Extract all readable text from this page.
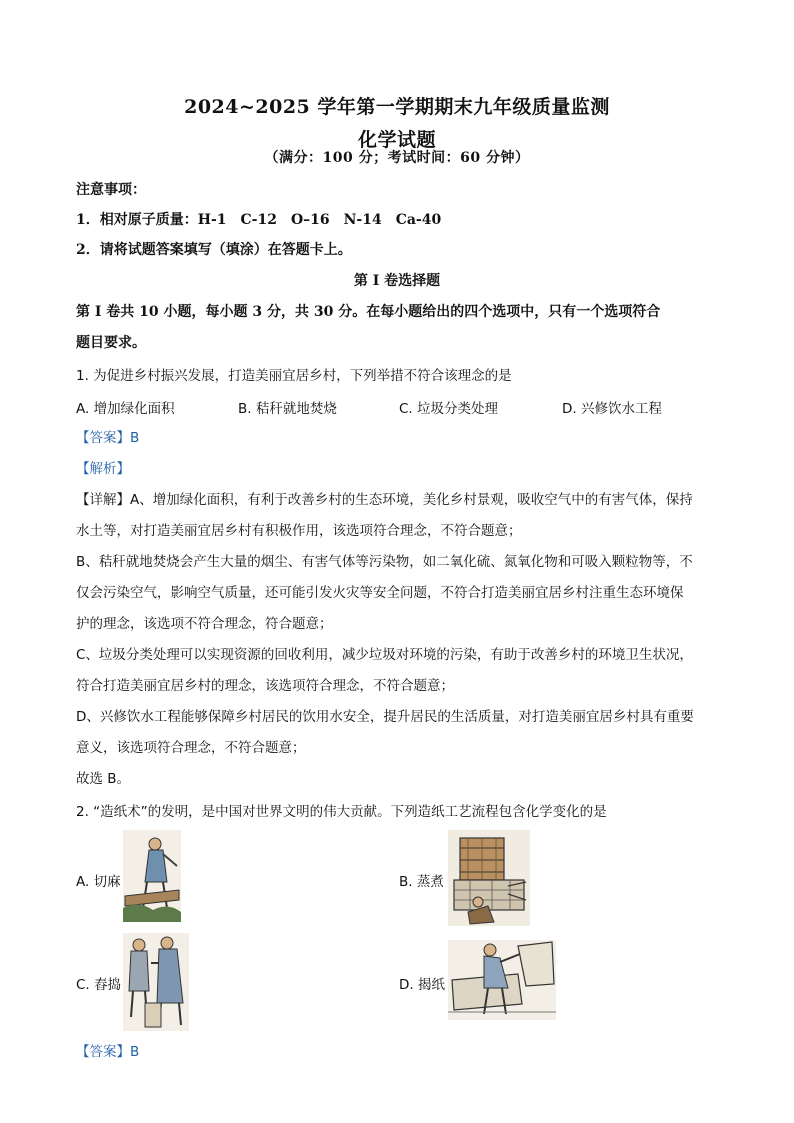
2024~2025 学年第一学期期末九年级质量监测
化学试题
（满分：100 分；考试时间：60 分钟）
注意事项：
1．相对原子质量：H-1　C-12　O–16　N-14　Ca-40
2．请将试题答案填写（填涂）在答题卡上。
第 I 卷选择题
第 I 卷共 10 小题，每小题 3 分，共 30 分。在每小题给出的四个选项中，只有一个选项符合
题目要求。
1. 为促进乡村振兴发展，打造美丽宜居乡村，下列举措不符合该理念的是
A. 增加绿化面积	B. 秸秆就地焚烧	C. 垃圾分类处理	D. 兴修饮水工程
【答案】B
【解析】
【详解】A、增加绿化面积，有利于改善乡村的生态环境，美化乡村景观，吸收空气中的有害气体，保持
水土等，对打造美丽宜居乡村有积极作用，该选项符合理念，不符合题意；
B、秸秆就地焚烧会产生大量的烟尘、有害气体等污染物，如二氧化硫、氮氧化物和可吸入颗粒物等，不
仅会污染空气，影响空气质量，还可能引发火灾等安全问题，不符合打造美丽宜居乡村注重生态环境保
护的理念，该选项不符合理念，符合题意；
C、垃圾分类处理可以实现资源的回收利用，减少垃圾对环境的污染，有助于改善乡村的环境卫生状况，
符合打造美丽宜居乡村的理念，该选项符合理念，不符合题意；
D、兴修饮水工程能够保障乡村居民的饮用水安全，提升居民的生活质量，对打造美丽宜居乡村具有重要
意义，该选项符合理念，不符合题意；
故选 B。
2. “造纸术”的发明，是中国对世界文明的伟大贡献。下列造纸工艺流程包含化学变化的是
A. 切麻	B. 蒸煮
C. 舂捣	D. 揭纸
【答案】B
